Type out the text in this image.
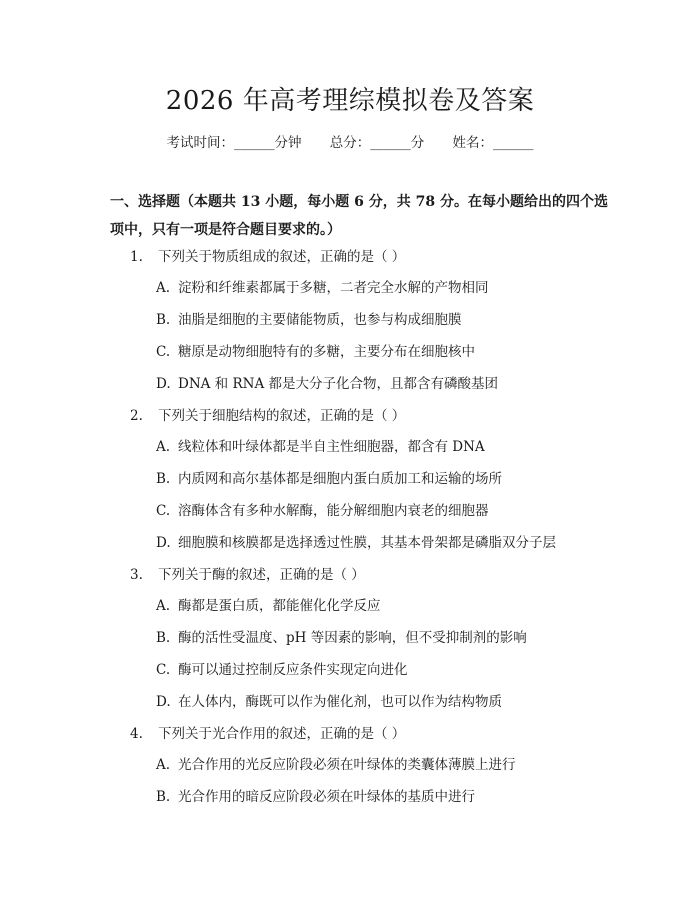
2026 年高考理综模拟卷及答案
考试时间：______分钟 总分：______分 姓名：______
一、选择题（本题共 13 小题，每小题 6 分，共 78 分。在每小题给出的四个选项中，只有一项是符合题目要求的。）
1. 下列关于物质组成的叙述，正确的是（ ）
A. 淀粉和纤维素都属于多糖，二者完全水解的产物相同
B. 油脂是细胞的主要储能物质，也参与构成细胞膜
C. 糖原是动物细胞特有的多糖，主要分布在细胞核中
D. DNA 和 RNA 都是大分子化合物，且都含有磷酸基团
2. 下列关于细胞结构的叙述，正确的是（ ）
A. 线粒体和叶绿体都是半自主性细胞器，都含有 DNA
B. 内质网和高尔基体都是细胞内蛋白质加工和运输的场所
C. 溶酶体含有多种水解酶，能分解细胞内衰老的细胞器
D. 细胞膜和核膜都是选择透过性膜，其基本骨架都是磷脂双分子层
3. 下列关于酶的叙述，正确的是（ ）
A. 酶都是蛋白质，都能催化化学反应
B. 酶的活性受温度、pH 等因素的影响，但不受抑制剂的影响
C. 酶可以通过控制反应条件实现定向进化
D. 在人体内，酶既可以作为催化剂，也可以作为结构物质
4. 下列关于光合作用的叙述，正确的是（ ）
A. 光合作用的光反应阶段必须在叶绿体的类囊体薄膜上进行
B. 光合作用的暗反应阶段必须在叶绿体的基质中进行
